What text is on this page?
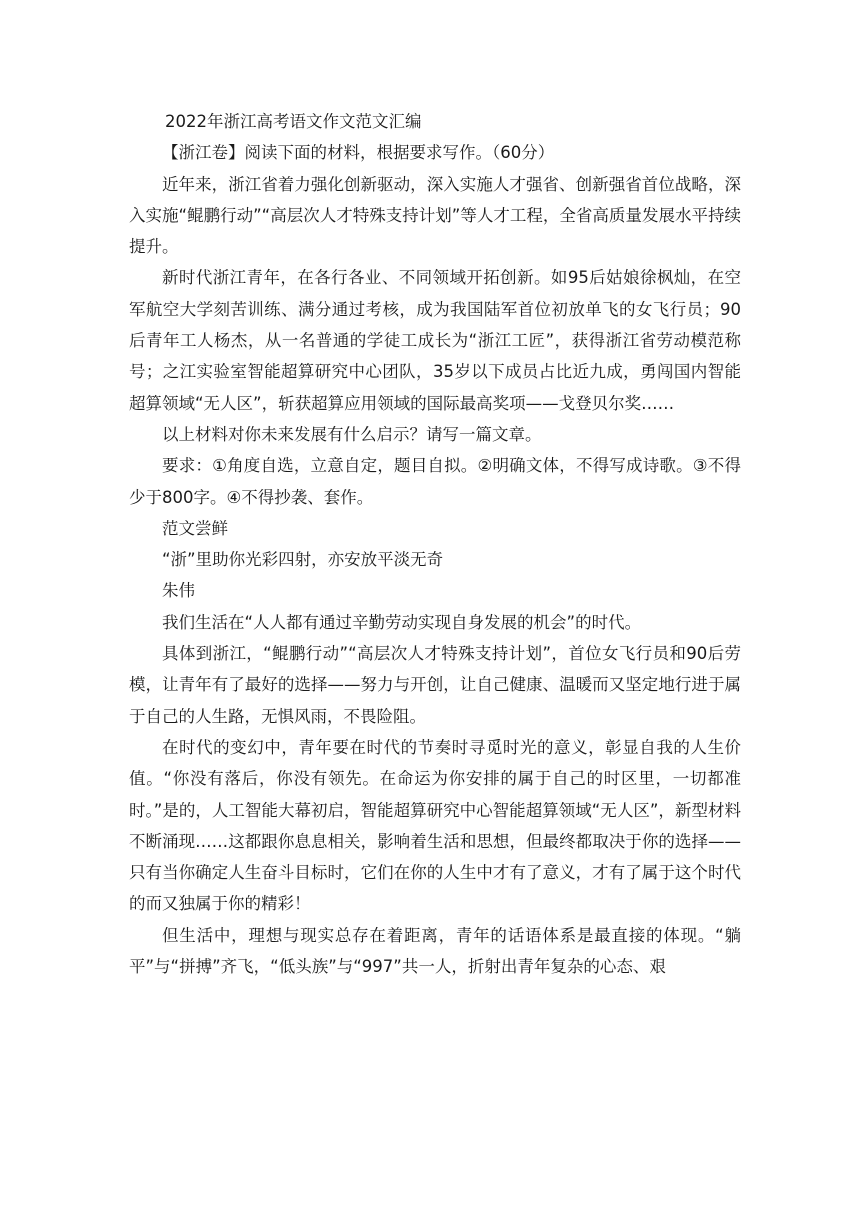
2022年浙江高考语文作文范文汇编

【浙江卷】阅读下面的材料，根据要求写作。（60分）

近年来，浙江省着力强化创新驱动，深入实施人才强省、创新强省首位战略，深入实施“鲲鹏行动”“高层次人才特殊支持计划”等人才工程，全省高质量发展水平持续提升。

新时代浙江青年，在各行各业、不同领域开拓创新。如95后姑娘徐枫灿，在空军航空大学刻苦训练、满分通过考核，成为我国陆军首位初放单飞的女飞行员；90后青年工人杨杰，从一名普通的学徒工成长为“浙江工匠”，获得浙江省劳动模范称号；之江实验室智能超算研究中心团队，35岁以下成员占比近九成，勇闯国内智能超算领域“无人区”，斩获超算应用领域的国际最高奖项——戈登贝尔奖……

以上材料对你未来发展有什么启示？请写一篇文章。

要求：①角度自选，立意自定，题目自拟。②明确文体，不得写成诗歌。③不得少于800字。④不得抄袭、套作。

范文尝鲜

“浙”里助你光彩四射，亦安放平淡无奇

朱伟

我们生活在“人人都有通过辛勤劳动实现自身发展的机会”的时代。

具体到浙江，“鲲鹏行动”“高层次人才特殊支持计划”，首位女飞行员和90后劳模，让青年有了最好的选择——努力与开创，让自己健康、温暖而又坚定地行进于属于自己的人生路，无惧风雨，不畏险阻。

在时代的变幻中，青年要在时代的节奏时寻觅时光的意义，彰显自我的人生价值。“你没有落后，你没有领先。在命运为你安排的属于自己的时区里，一切都准时。”是的，人工智能大幕初启，智能超算研究中心智能超算领域“无人区”，新型材料不断涌现……这都跟你息息相关，影响着生活和思想，但最终都取决于你的选择——只有当你确定人生奋斗目标时，它们在你的人生中才有了意义，才有了属于这个时代的而又独属于你的精彩！

但生活中，理想与现实总存在着距离，青年的话语体系是最直接的体现。“躺平”与“拼搏”齐飞，“低头族”与“997”共一人，折射出青年复杂的心态、艰
